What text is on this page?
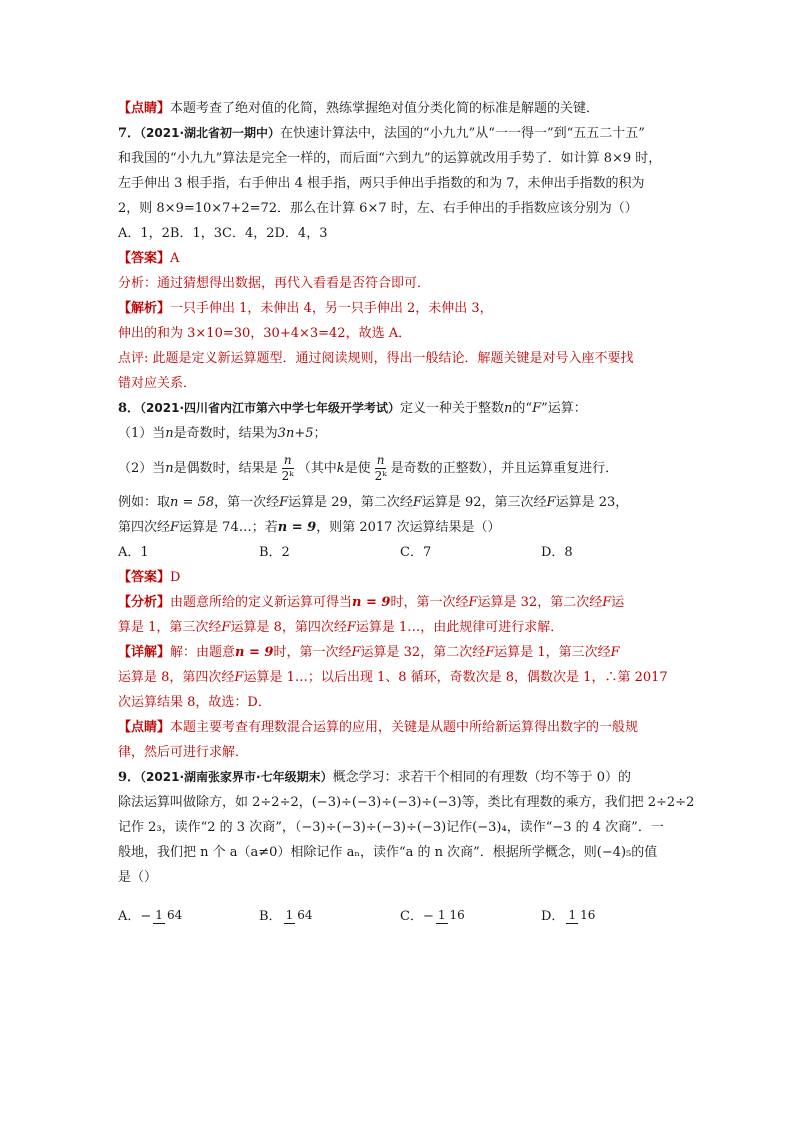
【点睛】本题考查了绝对值的化简，熟练掌握绝对值分类化简的标准是解题的关键．
7．（2021·湖北省初一期中）在快速计算法中，法国的“小九九”从“一一得一”到“五五二十五”
和我国的“小九九”算法是完全一样的，而后面“六到九”的运算就改用手势了．如计算 8×9 时，
左手伸出 3 根手指，右手伸出 4 根手指，两只手伸出手指数的和为 7，未伸出手指数的积为
2，则 8×9=10×7+2=72．那么在计算 6×7 时，左、右手伸出的手指数应该分别为（）
A．1，2B．1，3C．4，2D．4，3
【答案】A
分析：通过猜想得出数据，再代入看看是否符合即可．
【解析】一只手伸出 1，未伸出 4，另一只手伸出 2，未伸出 3，
伸出的和为 3×10=30，30+4×3=42，故选 A．
点评: 此题是定义新运算题型．通过阅读规则，得出一般结论．解题关键是对号入座不要找
错对应关系．
8．（2021·四川省内江市第六中学七年级开学考试）定义一种关于整数n的“F”运算：
（1）当n是奇数时，结果为3n+5；
（2）当 n 是偶数时，结果是 $\frac{n}{\text{2ᵏ}}$ （其中 k 是使 $\frac{n}{\text{2ᵏ}}$ 是奇数的正整数），并且运算重复进行．
例如：取n = 58，第一次经F运算是 29，第二次经F运算是 92，第三次经F运算是 23，
第四次经F运算是 74…；若n = 9，则第 2017 次运算结果是（）
A．1	B．2	C．7	D．8
【答案】D
【分析】由题意所给的定义新运算可得当n = 9时，第一次经F运算是 32，第二次经F运
算是 1，第三次经F运算是 8，第四次经F运算是 1…，由此规律可进行求解．
【详解】解：由题意n = 9时，第一次经F运算是 32，第二次经F运算是 1，第三次经F
运算是 8，第四次经F运算是 1…；以后出现 1、8 循环，奇数次是 8，偶数次是 1，∴第 2017
次运算结果 8，故选：D．
【点睛】本题主要考查有理数混合运算的应用，关键是从题中所给新运算得出数字的一般规
律，然后可进行求解．
9．（2021·湖南张家界市·七年级期末）概念学习：求若干个相同的有理数（均不等于 0）的
除法运算叫做除方，如 2÷2÷2，(−3)÷(−3)÷(−3)÷(−3)等，类比有理数的乘方，我们把 2÷2÷2
记作 2₃，读作“2 的 3 次商”，（−3)÷(−3)÷(−3)÷(−3)记作(−3)₄，读作“−3 的 4 次商”．一
般地，我们把 n 个 a（a≠0）相除记作 aₙ，读作“a 的 n 次商”．根据所学概念，则(−4)₅的值
是（）
A．− 1 64	B． 1 64	C．− 1 16	D． 1 16
